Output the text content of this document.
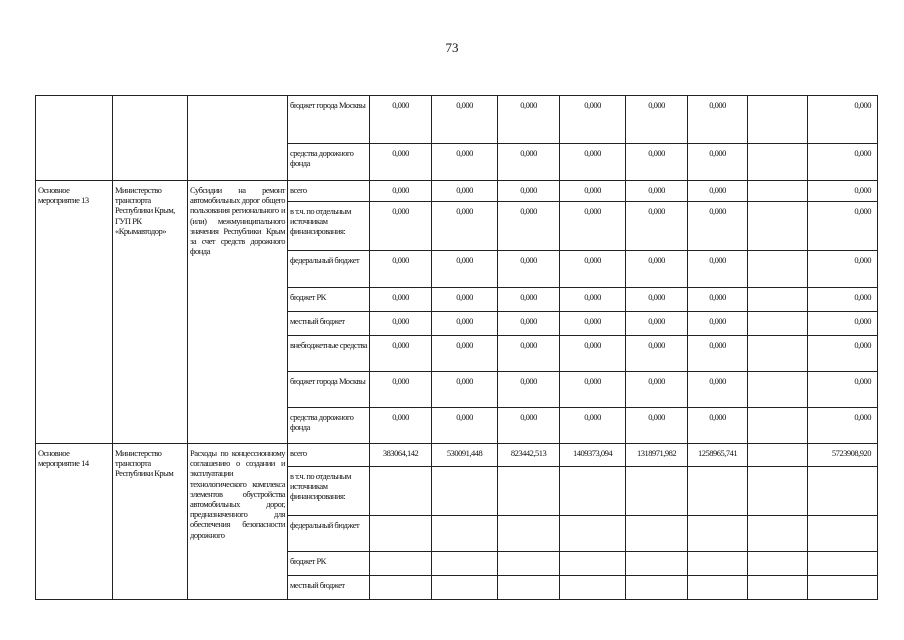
73
			бюджет города Москвы	0,000	0,000	0,000	0,000	0,000	0,000		0,000
			средства дорожного фонда	0,000	0,000	0,000	0,000	0,000	0,000		0,000
Основное мероприятие 13	Министерство транспорта Республики Крым, ГУП РК «Крымавтодор»	Субсидии на ремонт автомобильных дорог общего пользования регионального и (или) межмуниципального значения Республики Крым за счет средств дорожного фонда	всего	0,000	0,000	0,000	0,000	0,000	0,000		0,000
			в т.ч. по отдельным источникам финансирования:	0,000	0,000	0,000	0,000	0,000	0,000		0,000
			федеральный бюджет	0,000	0,000	0,000	0,000	0,000	0,000		0,000
			бюджет РК	0,000	0,000	0,000	0,000	0,000	0,000		0,000
			местный бюджет	0,000	0,000	0,000	0,000	0,000	0,000		0,000
			внебюджетные средства	0,000	0,000	0,000	0,000	0,000	0,000		0,000
			бюджет города Москвы	0,000	0,000	0,000	0,000	0,000	0,000		0,000
			средства дорожного фонда	0,000	0,000	0,000	0,000	0,000	0,000		0,000
Основное мероприятие 14	Министерство транспорта Республики Крым	Расходы по концессионному соглашению о создании и эксплуатации технологического комплекса элементов обустройства автомобильных дорог, предназначенного для обеспечения безопасности дорожного	всего	383064,142	530091,448	823442,513	1409373,094	1318971,982	1258965,741		5723908,920
			в т.ч. по отдельным источникам финансирования:								
			федеральный бюджет								
			бюджет РК								
			местный бюджет								
